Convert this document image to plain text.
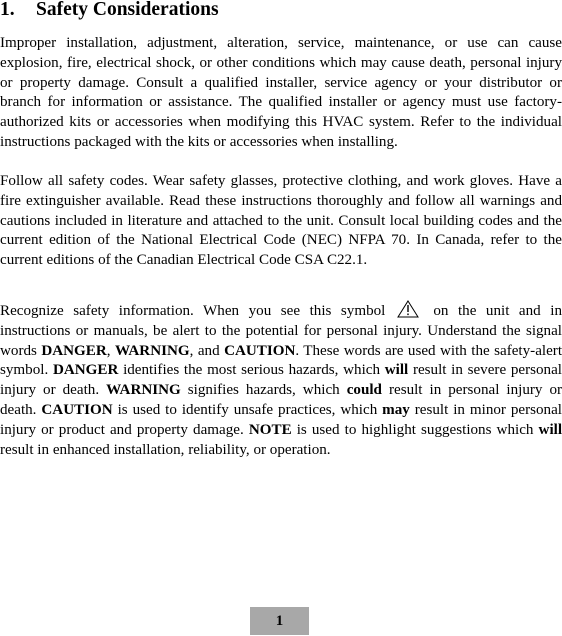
1. Safety Considerations

Improper installation, adjustment, alteration, service, maintenance, or use can cause explosion, fire, electrical shock, or other conditions which may cause death, personal injury or property damage. Consult a qualified installer, service agency or your distributor or branch for information or assistance. The qualified installer or agency must use factory-authorized kits or accessories when modifying this HVAC system. Refer to the individual instructions packaged with the kits or accessories when installing.

Follow all safety codes. Wear safety glasses, protective clothing, and work gloves. Have a fire extinguisher available. Read these instructions thoroughly and follow all warnings and cautions included in literature and attached to the unit. Consult local building codes and the current edition of the National Electrical Code (NEC) NFPA 70. In Canada, refer to the current editions of the Canadian Electrical Code CSA C22.1.

Recognize safety information. When you see this symbol	on the unit and in instructions or manuals, be alert to the potential for personal injury. Understand the signal words DANGER, WARNING, and CAUTION. These words are used with the safety-alert symbol. DANGER identifies the most serious hazards, which will result in severe personal injury or death. WARNING signifies hazards, which could result in personal injury or death. CAUTION is used to identify unsafe practices, which may result in minor personal injury or product and property damage. NOTE is used to highlight suggestions which will result in enhanced installation, reliability, or operation.

1
